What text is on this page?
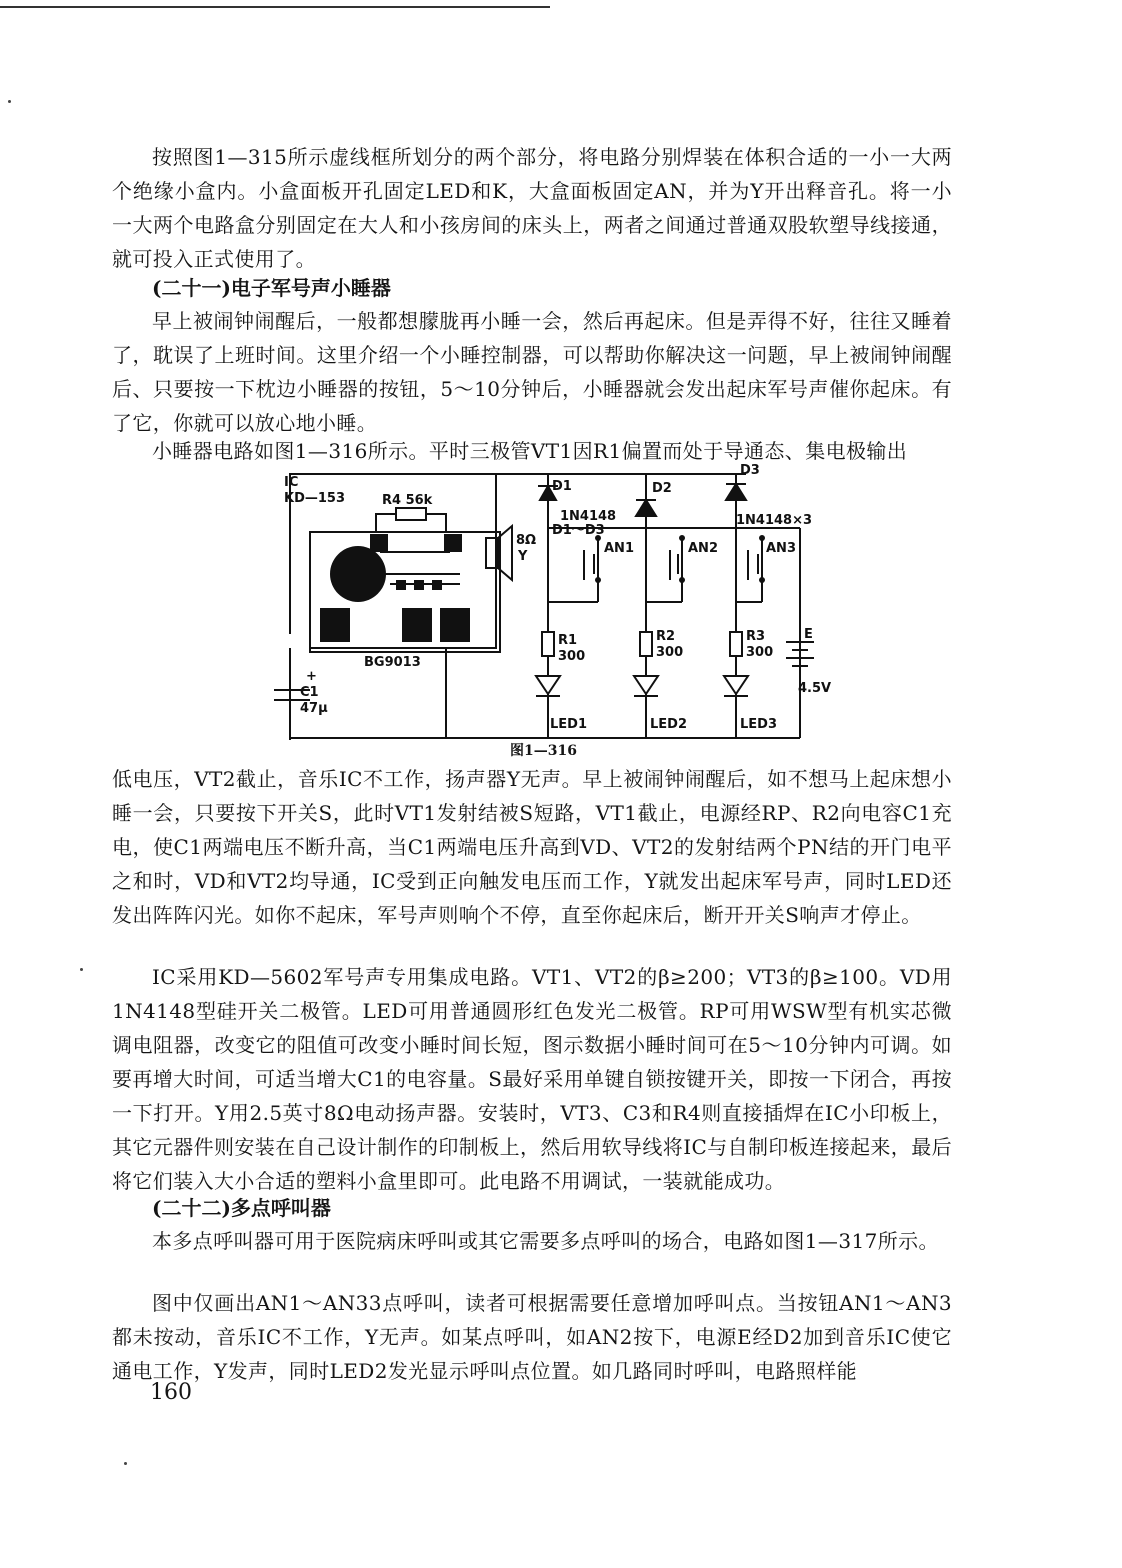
按照图1—315所示虚线框所划分的两个部分，将电路分别焊装在体积合适的一小一大两个绝缘小盒内。小盒面板开孔固定LED和K，大盒面板固定AN，并为Y开出释音孔。将一小一大两个电路盒分别固定在大人和小孩房间的床头上，两者之间通过普通双股软塑导线接通，就可投入正式使用了。

(二十一)电子军号声小睡器

早上被闹钟闹醒后，一般都想朦胧再小睡一会，然后再起床。但是弄得不好，往往又睡着了，耽误了上班时间。这里介绍一个小睡控制器，可以帮助你解决这一问题，早上被闹钟闹醒后、只要按一下枕边小睡器的按钮，5～10分钟后，小睡器就会发出起床军号声催你起床。有了它，你就可以放心地小睡。

小睡器电路如图1—316所示。平时三极管VT1因R1偏置而处于导通态、集电极输出

IC
KD—153	R4 56k
8Ω
Y
BG9013
+
C1
47μ
D1	D2
D3
1N4148
D1～D3
1N4148×3
AN1	AN2	AN3
R1
300
R2
300
R3
300
LED1	LED2	LED3
E
4.5V
图1—316

低电压，VT2截止，音乐IC不工作，扬声器Y无声。早上被闹钟闹醒后，如不想马上起床想小睡一会，只要按下开关S，此时VT1发射结被S短路，VT1截止，电源经RP、R2向电容C1充电，使C1两端电压不断升高，当C1两端电压升高到VD、VT2的发射结两个PN结的开门电平之和时，VD和VT2均导通，IC受到正向触发电压而工作，Y就发出起床军号声，同时LED还发出阵阵闪光。如你不起床，军号声则响个不停，直至你起床后，断开开关S响声才停止。

IC采用KD—5602军号声专用集成电路。VT1、VT2的β≥200；VT3的β≥100。VD用1N4148型硅开关二极管。LED可用普通圆形红色发光二极管。RP可用WSW型有机实芯微调电阻器，改变它的阻值可改变小睡时间长短，图示数据小睡时间可在5～10分钟内可调。如要再增大时间，可适当增大C1的电容量。S最好采用单键自锁按键开关，即按一下闭合，再按一下打开。Y用2.5英寸8Ω电动扬声器。安装时，VT3、C3和R4则直接插焊在IC小印板上，其它元器件则安装在自己设计制作的印制板上，然后用软导线将IC与自制印板连接起来，最后将它们装入大小合适的塑料小盒里即可。此电路不用调试，一装就能成功。

(二十二)多点呼叫器

本多点呼叫器可用于医院病床呼叫或其它需要多点呼叫的场合，电路如图1—317所示。

图中仅画出AN1～AN33点呼叫，读者可根据需要任意增加呼叫点。当按钮AN1～AN3都未按动，音乐IC不工作，Y无声。如某点呼叫，如AN2按下，电源E经D2加到音乐IC使它通电工作，Y发声，同时LED2发光显示呼叫点位置。如几路同时呼叫，电路照样能

160
